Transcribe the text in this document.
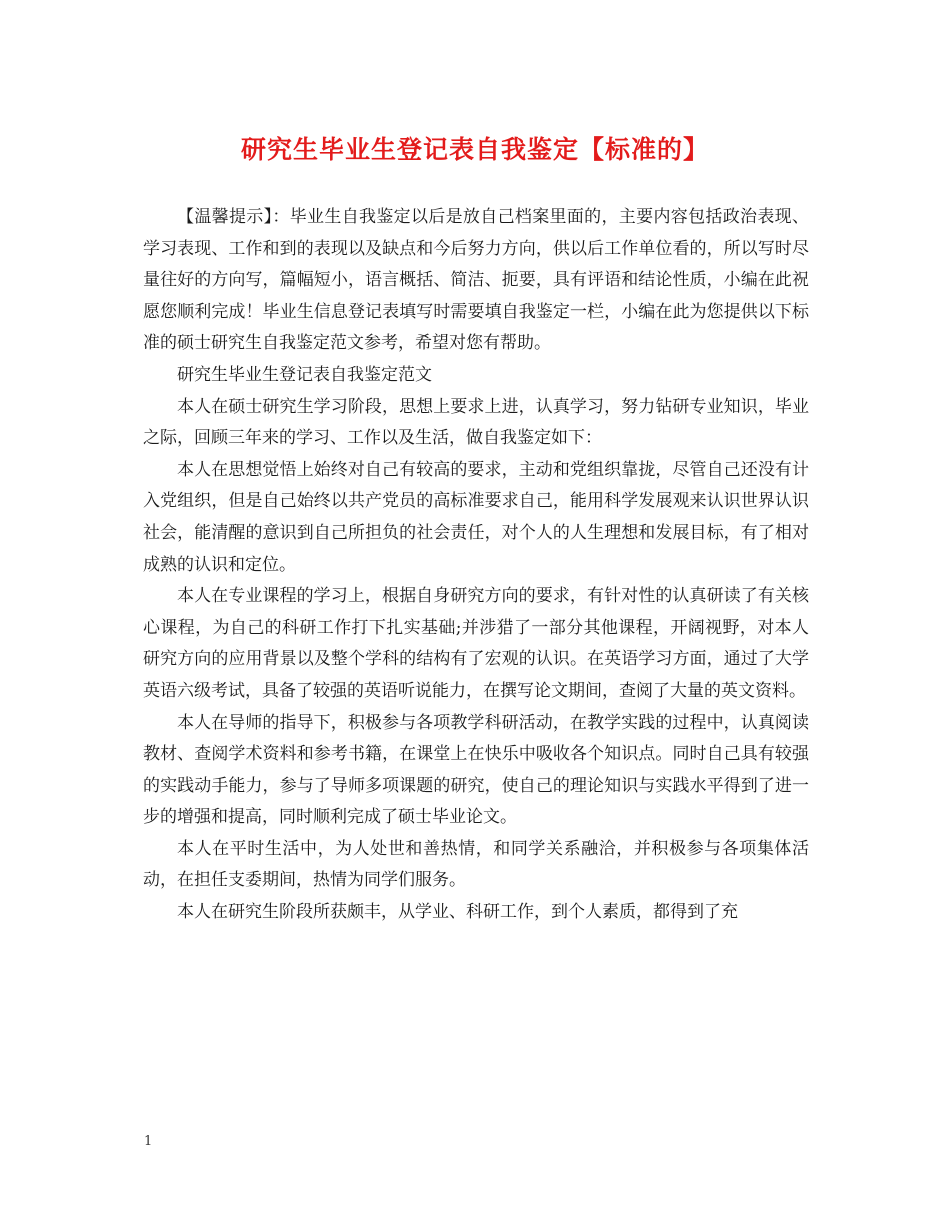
研究生毕业生登记表自我鉴定【标准的】

【温馨提示】：毕业生自我鉴定以后是放自己档案里面的，主要内容包括政治表现、学习表现、工作和到的表现以及缺点和今后努力方向，供以后工作单位看的，所以写时尽量往好的方向写，篇幅短小，语言概括、简洁、扼要，具有评语和结论性质，小编在此祝愿您顺利完成！毕业生信息登记表填写时需要填自我鉴定一栏，小编在此为您提供以下标准的硕士研究生自我鉴定范文参考，希望对您有帮助。

研究生毕业生登记表自我鉴定范文

本人在硕士研究生学习阶段，思想上要求上进，认真学习，努力钻研专业知识，毕业之际，回顾三年来的学习、工作以及生活，做自我鉴定如下：

本人在思想觉悟上始终对自己有较高的要求，主动和党组织靠拢，尽管自己还没有计入党组织，但是自己始终以共产党员的高标准要求自己，能用科学发展观来认识世界认识社会，能清醒的意识到自己所担负的社会责任，对个人的人生理想和发展目标，有了相对成熟的认识和定位。

本人在专业课程的学习上，根据自身研究方向的要求，有针对性的认真研读了有关核心课程，为自己的科研工作打下扎实基础;并涉猎了一部分其他课程，开阔视野，对本人研究方向的应用背景以及整个学科的结构有了宏观的认识。在英语学习方面，通过了大学英语六级考试，具备了较强的英语听说能力，在撰写论文期间，查阅了大量的英文资料。

本人在导师的指导下，积极参与各项教学科研活动，在教学实践的过程中，认真阅读教材、查阅学术资料和参考书籍，在课堂上在快乐中吸收各个知识点。同时自己具有较强的实践动手能力，参与了导师多项课题的研究，使自己的理论知识与实践水平得到了进一步的增强和提高，同时顺利完成了硕士毕业论文。

本人在平时生活中，为人处世和善热情，和同学关系融洽，并积极参与各项集体活动，在担任支委期间，热情为同学们服务。

本人在研究生阶段所获颇丰，从学业、科研工作，到个人素质，都得到了充

1
